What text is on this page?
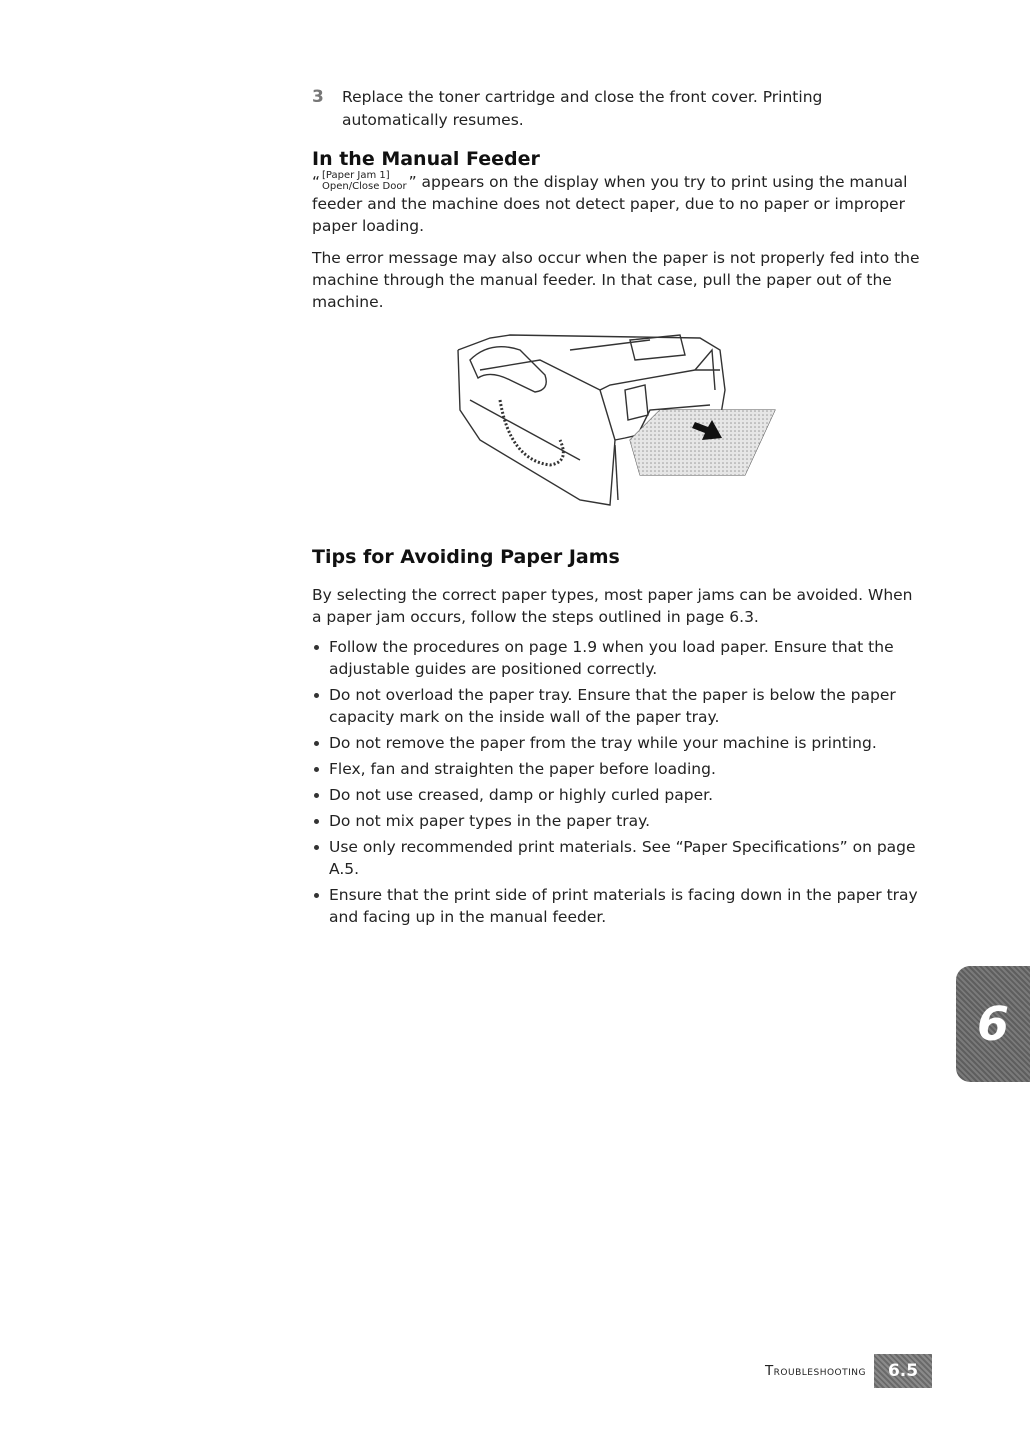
3	Replace the toner cartridge and close the front cover. Printing automatically resumes.
In the Manual Feeder

“ [Paper Jam 1]
Open/Close Door ” appears on the display when you try to print using the manual feeder and the machine does not detect paper, due to no paper or improper paper loading.

The error message may also occur when the paper is not properly fed into the machine through the manual feeder. In that case, pull the paper out of the machine.

Tips for Avoiding Paper Jams

By selecting the correct paper types, most paper jams can be avoided. When a paper jam occurs, follow the steps outlined in page 6.3.

Follow the procedures on page 1.9 when you load paper. Ensure that the adjustable guides are positioned correctly.
Do not overload the paper tray. Ensure that the paper is below the paper capacity mark on the inside wall of the paper tray.
Do not remove the paper from the tray while your machine is printing.
Flex, fan and straighten the paper before loading.
Do not use creased, damp or highly curled paper.
Do not mix paper types in the paper tray.
Use only recommended print materials. See “Paper Specifications” on page A.5.
Ensure that the print side of print materials is facing down in the paper tray and facing up in the manual feeder.
6
Troubleshooting	6.5
